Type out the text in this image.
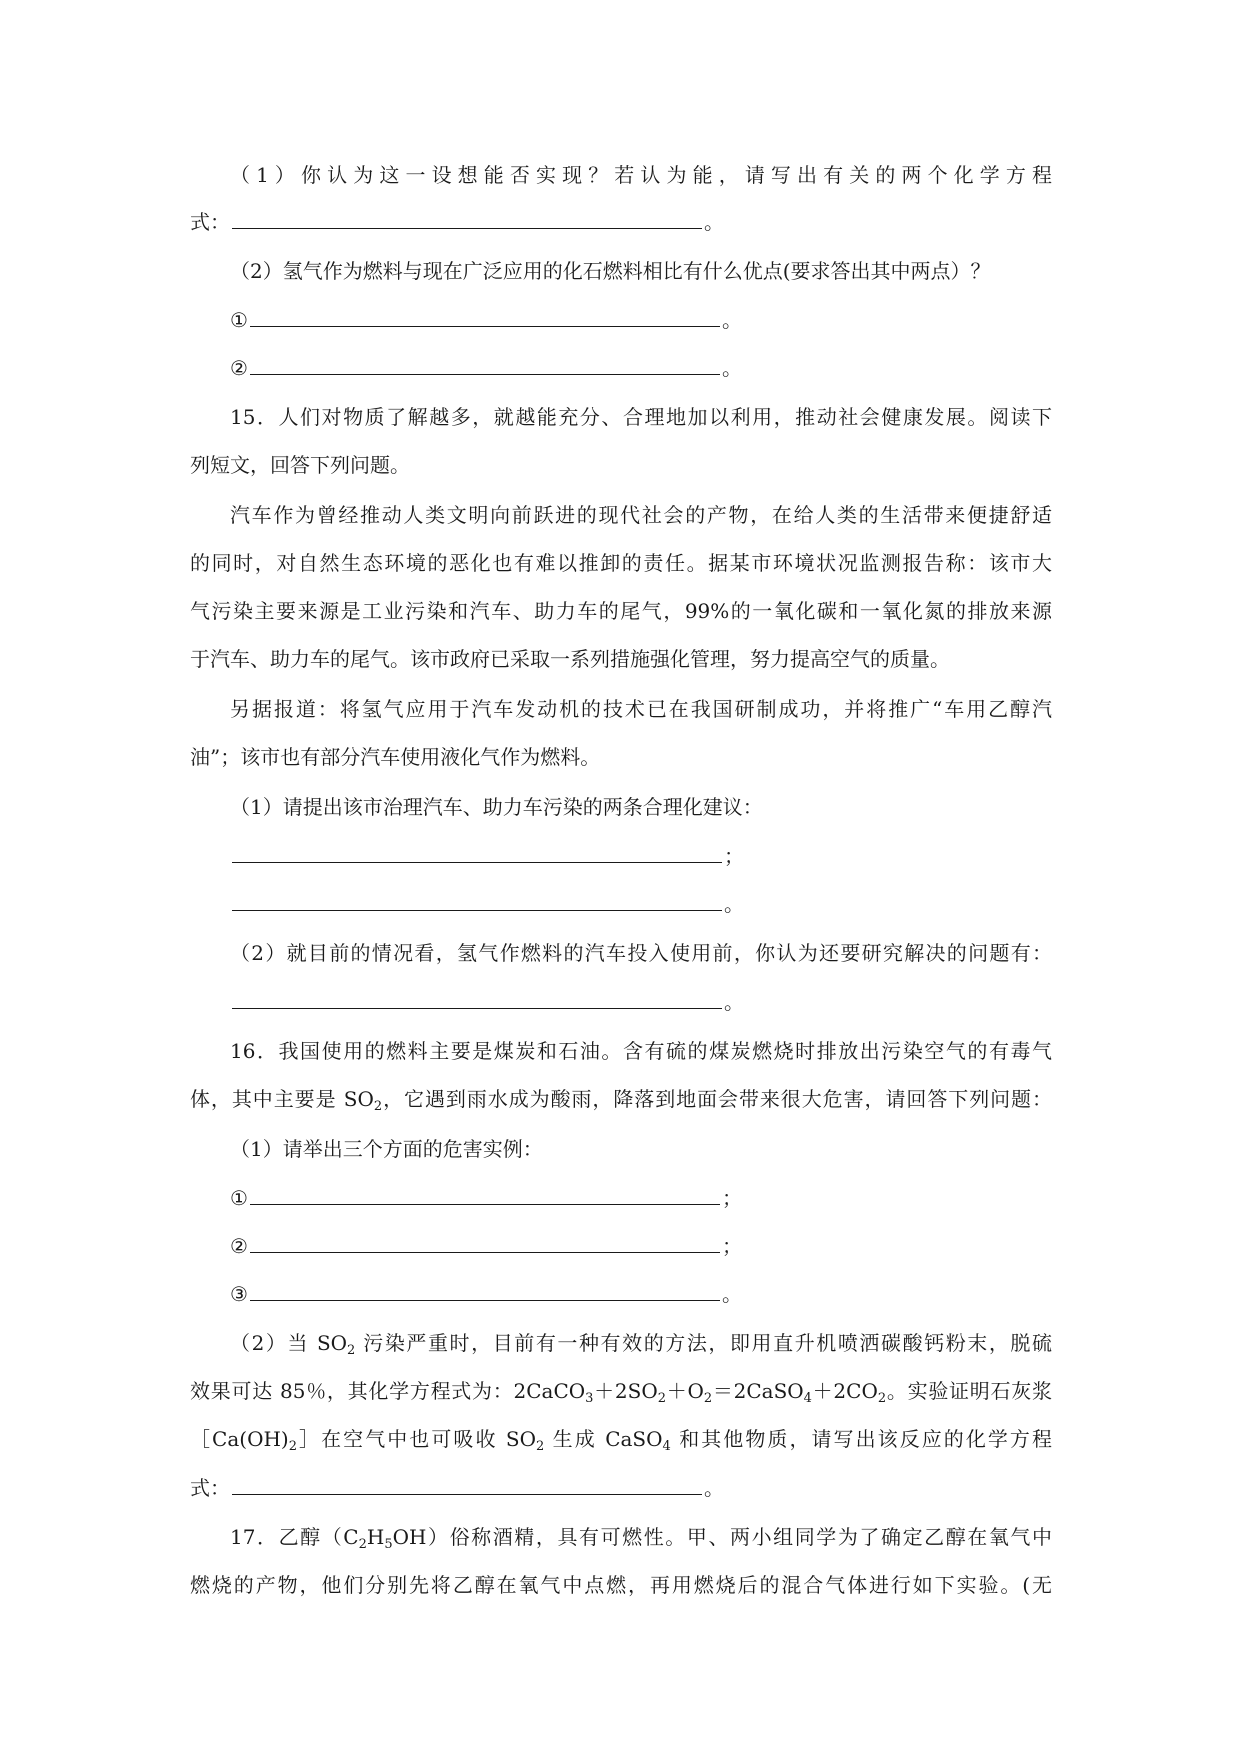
（1）你认为这一设想能否实现？若认为能，请写出有关的两个化学方程
式：	。
（2）氢气作为燃料与现在广泛应用的化石燃料相比有什么优点(要求答出其中两点）？
①	。
②	。
15．人们对物质了解越多，就越能充分、合理地加以利用，推动社会健康发展。阅读下
列短文，回答下列问题。
汽车作为曾经推动人类文明向前跃进的现代社会的产物，在给人类的生活带来便捷舒适
的同时，对自然生态环境的恶化也有难以推卸的责任。据某市环境状况监测报告称：该市大
气污染主要来源是工业污染和汽车、助力车的尾气，99%的一氧化碳和一氧化氮的排放来源
于汽车、助力车的尾气。该市政府已采取一系列措施强化管理，努力提高空气的质量。
另据报道：将氢气应用于汽车发动机的技术已在我国研制成功，并将推广“车用乙醇汽
油”；该市也有部分汽车使用液化气作为燃料。
（1）请提出该市治理汽车、助力车污染的两条合理化建议：
；
。
（2）就目前的情况看，氢气作燃料的汽车投入使用前，你认为还要研究解决的问题有：
。
16．我国使用的燃料主要是煤炭和石油。含有硫的煤炭燃烧时排放出污染空气的有毒气
体，其中主要是 $SO_2$，它遇到雨水成为酸雨，降落到地面会带来很大危害，请回答下列问题：
（1）请举出三个方面的危害实例：
①	；
②	；
③	。
（2）当 $SO_2$ 污染严重时，目前有一种有效的方法，即用直升机喷洒碳酸钙粉末，脱硫
效果可达 85％，其化学方程式为：$2CaCO_3+2SO_2+O_2=2CaSO_4+2CO_2$。实验证明石灰浆
$[Ca(OH)_2]$在空气中也可吸收 $SO_2$ 生成 CaSO$_4$ 和其他物质，请写出该反应的化学方程
式：	。
17．乙醇$(C_2H_5OH)$俗称酒精，具有可燃性。甲、两小组同学为了确定乙醇在氧气中
燃烧的产物，他们分别先将乙醇在氧气中点燃，再用燃烧后的混合气体进行如下实验。(无
